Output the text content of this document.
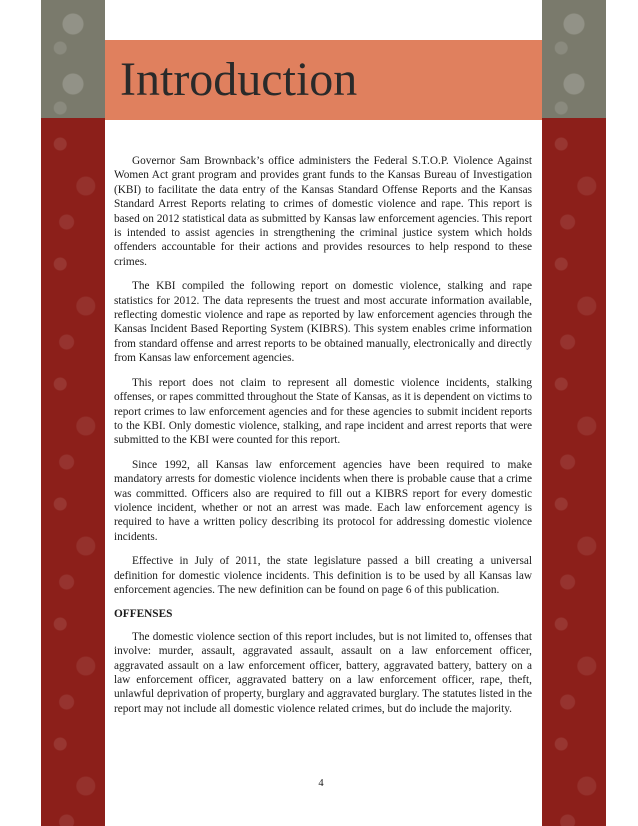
Introduction

Governor Sam Brownback’s office administers the Federal S.T.O.P. Violence Against Women Act grant program and provides grant funds to the Kansas Bureau of Investigation (KBI) to facilitate the data entry of the Kansas Standard Offense Reports and the Kansas Standard Arrest Reports relating to crimes of domestic violence and rape. This report is based on 2012 statistical data as submitted by Kansas law enforcement agencies. This report is intended to assist agencies in strengthening the criminal justice system which holds offenders accountable for their actions and provides resources to help respond to these crimes.

The KBI compiled the following report on domestic violence, stalking and rape statistics for 2012. The data represents the truest and most accurate information available, reflecting domestic violence and rape as reported by law enforcement agencies through the Kansas Incident Based Reporting System (KIBRS). This system enables crime information from standard offense and arrest reports to be obtained manually, electronically and directly from Kansas law enforcement agencies.

This report does not claim to represent all domestic violence incidents, stalking offenses, or rapes committed throughout the State of Kansas, as it is dependent on victims to report crimes to law enforcement agencies and for these agencies to submit incident reports to the KBI. Only domestic violence, stalking, and rape incident and arrest reports that were submitted to the KBI were counted for this report.

Since 1992, all Kansas law enforcement agencies have been required to make mandatory arrests for domestic violence incidents when there is probable cause that a crime was committed. Officers also are required to fill out a KIBRS report for every domestic violence incident, whether or not an arrest was made. Each law enforcement agency is required to have a written policy describing its protocol for addressing domestic violence incidents.

Effective in July of 2011, the state legislature passed a bill creating a universal definition for domestic violence incidents. This definition is to be used by all Kansas law enforcement agencies. The new definition can be found on page 6 of this publication.

OFFENSES

The domestic violence section of this report includes, but is not limited to, offenses that involve: murder, assault, aggravated assault, assault on a law enforcement officer, aggravated assault on a law enforcement officer, battery, aggravated battery, battery on a law enforcement officer, aggravated battery on a law enforcement officer, rape, theft, unlawful deprivation of property, burglary and aggravated burglary. The statutes listed in the report may not include all domestic violence related crimes, but do include the majority.

4
